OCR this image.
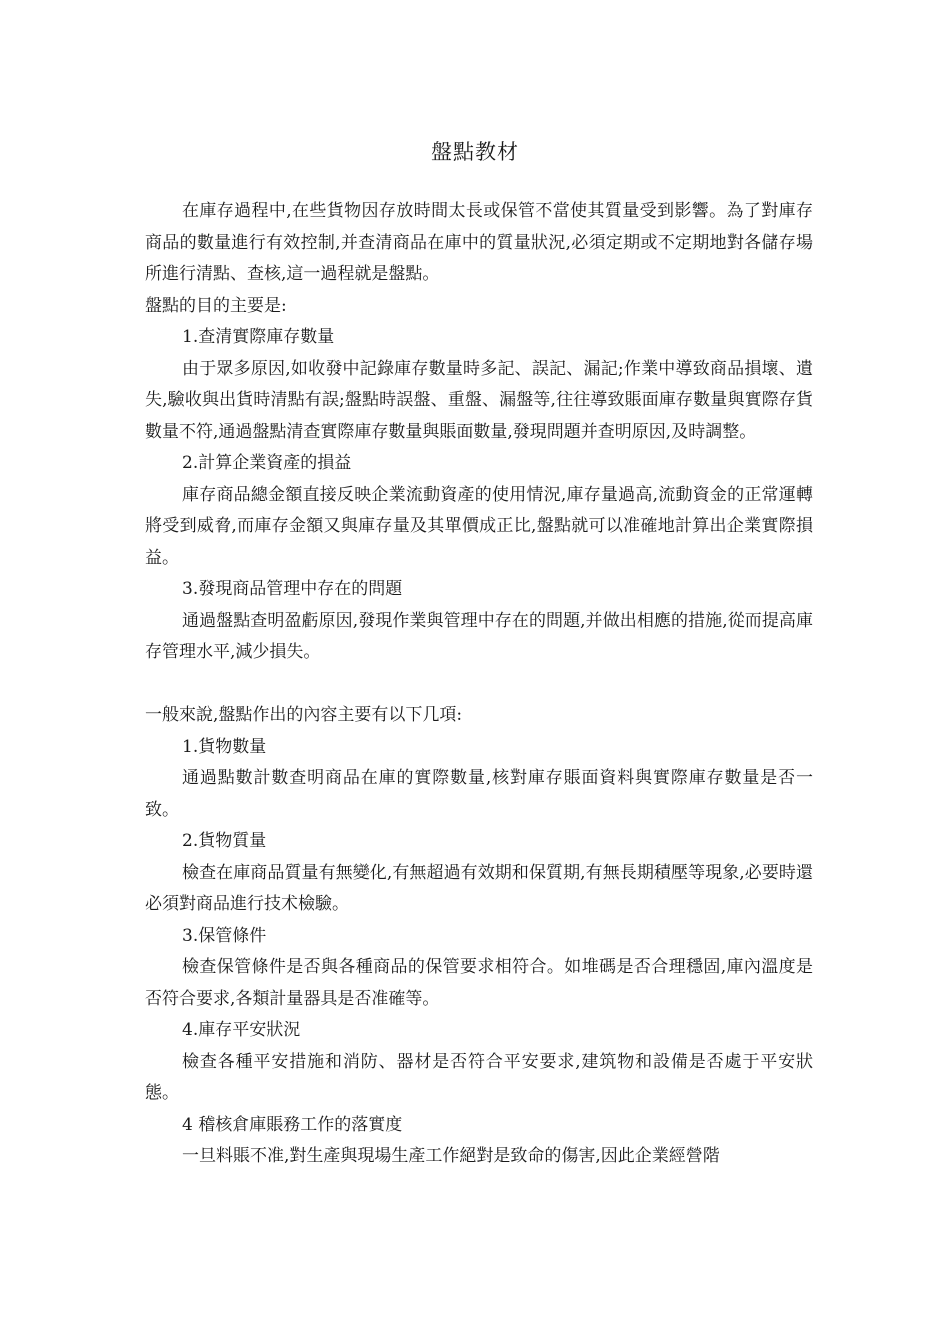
盤點教材

在庫存過程中,在些貨物因存放時間太長或保管不當使其質量受到影響。為了對庫存商品的數量進行有效控制,并查清商品在庫中的質量狀況,必須定期或不定期地對各儲存場所進行清點、查核,這一過程就是盤點。

盤點的目的主要是:

1.查清實際庫存數量

由于眾多原因,如收發中記錄庫存數量時多記、誤記、漏記;作業中導致商品損壞、遺失,驗收與出貨時清點有誤;盤點時誤盤、重盤、漏盤等,往往導致賬面庫存數量與實際存貨數量不符,通過盤點清查實際庫存數量與賬面數量,發現問題并查明原因,及時調整。

2.計算企業資產的損益

庫存商品總金額直接反映企業流動資產的使用情況,庫存量過高,流動資金的正常運轉將受到威脅,而庫存金額又與庫存量及其單價成正比,盤點就可以准確地計算出企業實際損益。

3.發現商品管理中存在的問題

通過盤點查明盈虧原因,發現作業與管理中存在的問題,并做出相應的措施,從而提高庫存管理水平,減少損失。

一般來說,盤點作出的內容主要有以下几項:

1.貨物數量

通過點數計數查明商品在庫的實際數量,核對庫存賬面資料與實際庫存數量是否一致。

2.貨物質量

檢查在庫商品質量有無變化,有無超過有效期和保質期,有無長期積壓等現象,必要時還必須對商品進行技术檢驗。

3.保管條件

檢查保管條件是否與各種商品的保管要求相符合。如堆碼是否合理穩固,庫內溫度是否符合要求,各類計量器具是否准確等。

4.庫存平安狀況

檢查各種平安措施和消防、器材是否符合平安要求,建筑物和設備是否處于平安狀態。

4 稽核倉庫賬務工作的落實度

一旦料賬不准,對生產與現場生產工作絕對是致命的傷害,因此企業經營階
